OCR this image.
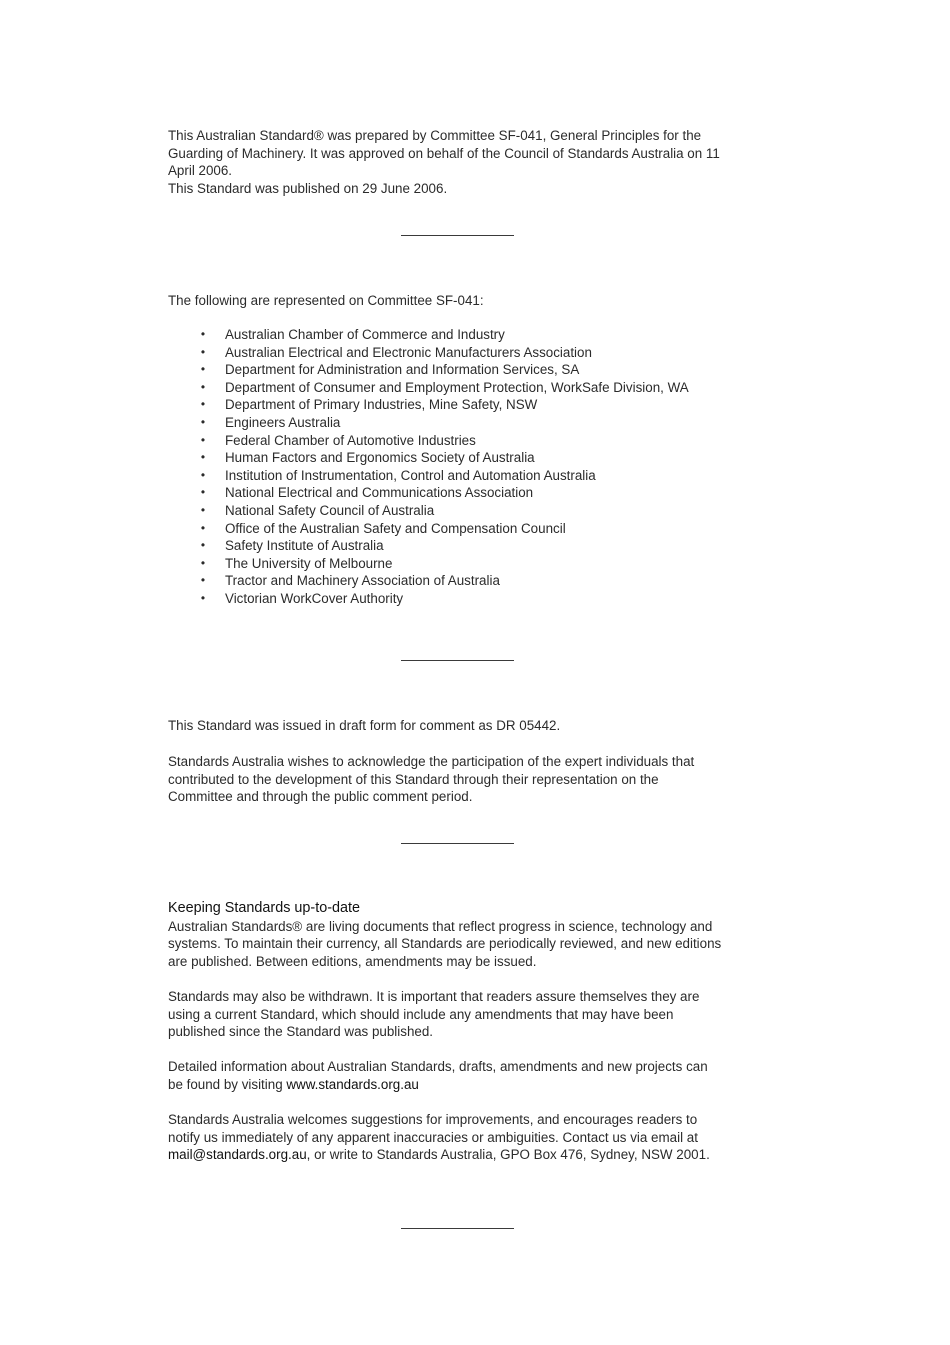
This Australian Standard® was prepared by Committee SF-041, General Principles for the
Guarding of Machinery. It was approved on behalf of the Council of Standards Australia on 11
April 2006.
This Standard was published on 29 June 2006.
The following are represented on Committee SF-041:
• Australian Chamber of Commerce and Industry
• Australian Electrical and Electronic Manufacturers Association
• Department for Administration and Information Services, SA
• Department of Consumer and Employment Protection, WorkSafe Division, WA
• Department of Primary Industries, Mine Safety, NSW
• Engineers Australia
• Federal Chamber of Automotive Industries
• Human Factors and Ergonomics Society of Australia
• Institution of Instrumentation, Control and Automation Australia
• National Electrical and Communications Association
• National Safety Council of Australia
• Office of the Australian Safety and Compensation Council
• Safety Institute of Australia
• The University of Melbourne
• Tractor and Machinery Association of Australia
• Victorian WorkCover Authority
This Standard was issued in draft form for comment as DR 05442.
Standards Australia wishes to acknowledge the participation of the expert individuals that
contributed to the development of this Standard through their representation on the
Committee and through the public comment period.
Keeping Standards up-to-date
Australian Standards® are living documents that reflect progress in science, technology and
systems. To maintain their currency, all Standards are periodically reviewed, and new editions
are published. Between editions, amendments may be issued.
Standards may also be withdrawn. It is important that readers assure themselves they are
using a current Standard, which should include any amendments that may have been
published since the Standard was published.
Detailed information about Australian Standards, drafts, amendments and new projects can
be found by visiting www.standards.org.au
Standards Australia welcomes suggestions for improvements, and encourages readers to
notify us immediately of any apparent inaccuracies or ambiguities. Contact us via email at
mail@standards.org.au, or write to Standards Australia, GPO Box 476, Sydney, NSW 2001.
